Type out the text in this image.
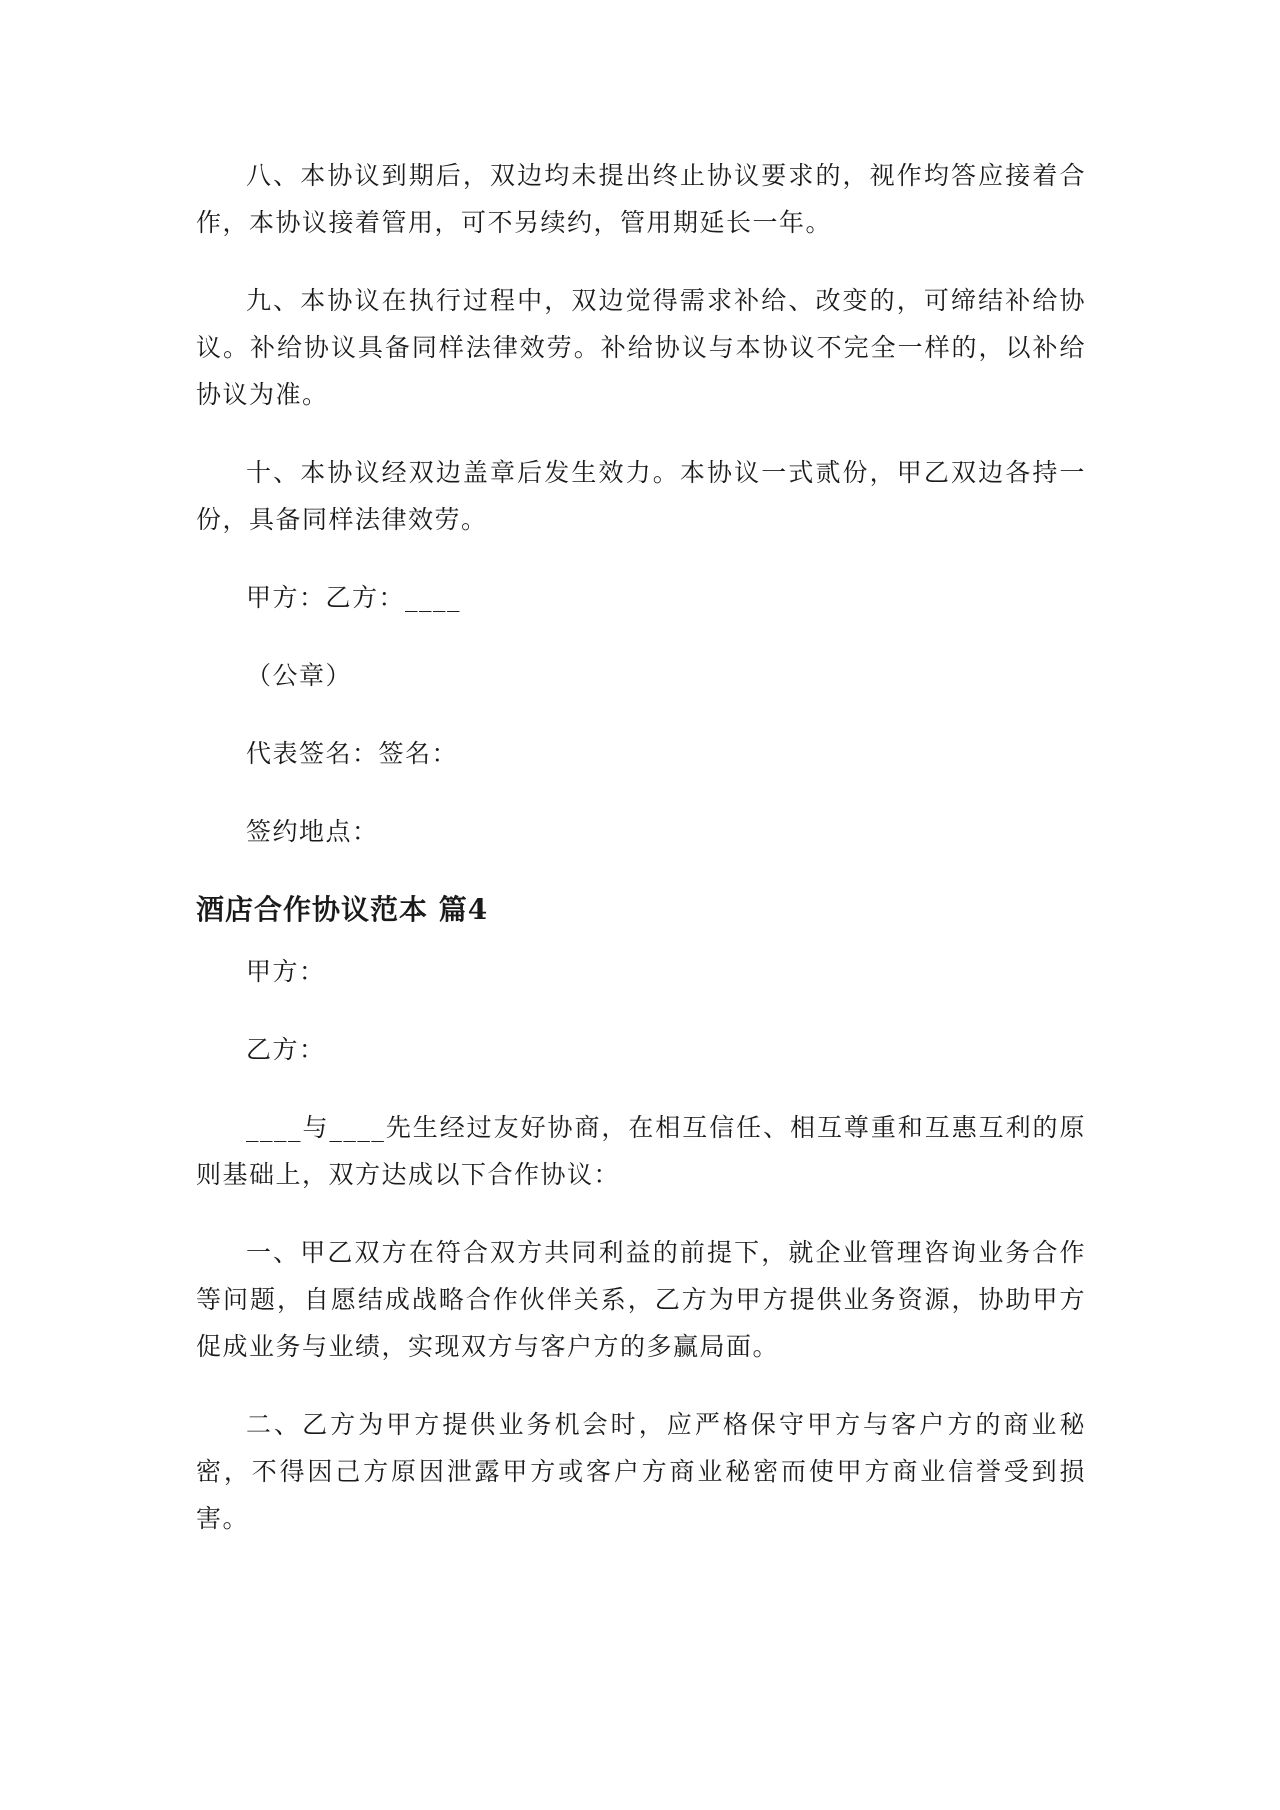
八、本协议到期后，双边均未提出终止协议要求的，视作均答应接着合作，本协议接着管用，可不另续约，管用期延长一年。

九、本协议在执行过程中，双边觉得需求补给、改变的，可缔结补给协议。补给协议具备同样法律效劳。补给协议与本协议不完全一样的，以补给协议为准。

十、本协议经双边盖章后发生效力。本协议一式贰份，甲乙双边各持一份，具备同样法律效劳。

甲方：乙方：____

（公章）

代表签名：签名：

签约地点：

酒店合作协议范本 篇4

甲方：

乙方：

____与____先生经过友好协商，在相互信任、相互尊重和互惠互利的原则基础上，双方达成以下合作协议：

一、甲乙双方在符合双方共同利益的前提下，就企业管理咨询业务合作等问题，自愿结成战略合作伙伴关系，乙方为甲方提供业务资源，协助甲方促成业务与业绩，实现双方与客户方的多赢局面。

二、乙方为甲方提供业务机会时，应严格保守甲方与客户方的商业秘密，不得因己方原因泄露甲方或客户方商业秘密而使甲方商业信誉受到损害。
